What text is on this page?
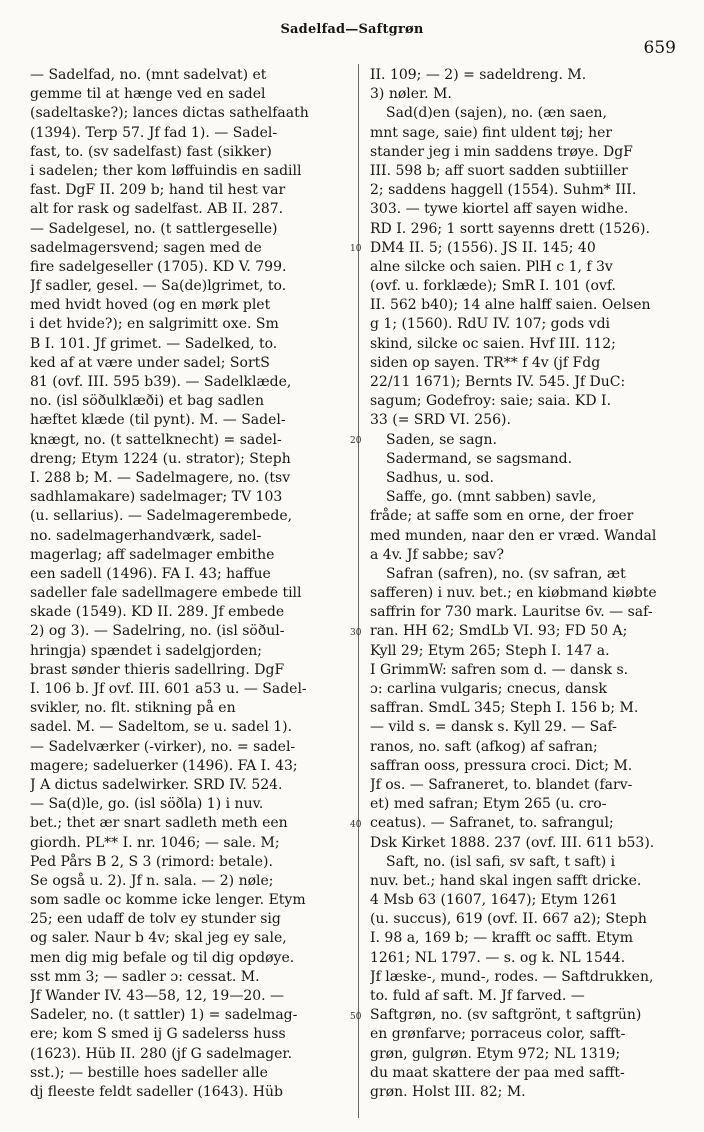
Sadelfad—Saftgrøn
659
— Sadelfad, no. (mnt sadelvat) et
gemme til at hænge ved en sadel
(sadeltaske?); lances dictas sathelfaath
(1394). Terp 57. Jf fad 1). — Sadel-
fast, to. (sv sadelfast) fast (sikker)
i sadelen; ther kom løffuindis en sadill
fast. DgF II. 209 b; hand til hest var
alt for rask og sadelfast. AB II. 287.
— Sadelgesel, no. (t sattlergeselle)
sadelmagersvend; sagen med de
fire sadelgeseller (1705). KD V. 799.
Jf sadler, gesel. — Sa(de)lgrimet, to.
med hvidt hoved (og en mørk plet
i det hvide?); en salgrimitt oxe. Sm
B I. 101. Jf grimet. — Sadelked, to.
ked af at være under sadel; SortS
81 (ovf. III. 595 b39). — Sadelklæde,
no. (isl söðulklæði) et bag sadlen
hæftet klæde (til pynt). M. — Sadel-
knægt, no. (t sattelknecht) = sadel-
dreng; Etym 1224 (u. strator); Steph
I. 288 b; M. — Sadelmagere, no. (tsv
sadhlamakare) sadelmager; TV 103
(u. sellarius). — Sadelmagerembede,
no. sadelmagerhandværk, sadel-
magerlag; aff sadelmager embithe
een sadell (1496). FA I. 43; haffue
sadeller fale sadellmagere embede till
skade (1549). KD II. 289. Jf embede
2) og 3). — Sadelring, no. (isl söðul-
hringja) spændet i sadelgjorden;
brast sønder thieris sadellring. DgF
I. 106 b. Jf ovf. III. 601 a53 u. — Sadel-
svikler, no. flt. stikning på en
sadel. M. — Sadeltom, se u. sadel 1).
— Sadelværker (-virker), no. = sadel-
magere; sadeluerker (1496). FA I. 43;
J A dictus sadelwirker. SRD IV. 524.
— Sa(d)le, go. (isl söðla) 1) i nuv.
bet.; thet ær snart sadleth meth een
giordh. PL** I. nr. 1046; — sale. M;
Ped Pårs B 2, S 3 (rimord: betale).
Se også u. 2). Jf n. sala. — 2) nøle;
som sadle oc komme icke lenger. Etym
25; een udaff de tolv ey stunder sig
og saler. Naur b 4v; skal jeg ey sale,
men dig mig befale og til dig opdøye.
sst mm 3; — sadler ɔ: cessat. M.
Jf Wander IV. 43—58, 12, 19—20. —
Sadeler, no. (t sattler) 1) = sadelmag-
ere; kom S smed ij G sadelerss huss
(1623). Hüb II. 280 (jf G sadelmager.
sst.); — bestille hoes sadeller alle
dj fleeste feldt sadeller (1643). Hüb
II. 109; — 2) = sadeldreng. M.
3) nøler. M.
Sad(d)en (sajen), no. (æn saen,
mnt sage, saie) fint uldent tøj; her
stander jeg i min saddens trøye. DgF
III. 598 b; aff suort sadden subtiiller
2; saddens haggell (1554). Suhm* III.
303. — tywe kiortel aff sayen widhe.
RD I. 296; 1 sortt sayenns drett (1526).
DM4 II. 5; (1556). JS II. 145; 40
alne silcke och saien. PlH c 1, f 3v
(ovf. u. forklæde); SmR I. 101 (ovf.
II. 562 b40); 14 alne halff saien. Oelsen
g 1; (1560). RdU IV. 107; gods vdi
skind, silcke oc saien. Hvf III. 112;
siden op sayen. TR** f 4v (jf Fdg
22/11 1671); Bernts IV. 545. Jf DuC:
sagum; Godefroy: saie; saia. KD I.
33 (= SRD VI. 256).
Saden, se sagn.
Sadermand, se sagsmand.
Sadhus, u. sod.
Saffe, go. (mnt sabben) savle,
fråde; at saffe som en orne, der froer
med munden, naar den er vræd. Wandal
a 4v. Jf sabbe; sav?
Safran (safren), no. (sv safran, æt
safferen) i nuv. bet.; en kiøbmand kiøbte
saffrin for 730 mark. Lauritse 6v. — saf-
ran. HH 62; SmdLb VI. 93; FD 50 A;
Kyll 29; Etym 265; Steph I. 147 a.
I GrimmW: safren som d. — dansk s.
ɔ: carlina vulgaris; cnecus, dansk
saffran. SmdL 345; Steph I. 156 b; M.
— vild s. = dansk s. Kyll 29. — Saf-
ranos, no. saft (afkog) af safran;
saffran ooss, pressura croci. Dict; M.
Jf os. — Safraneret, to. blandet (farv-
et) med safran; Etym 265 (u. cro-
ceatus). — Safranet, to. safrangul;
Dsk Kirket 1888. 237 (ovf. III. 611 b53).
Saft, no. (isl safi, sv saft, t saft) i
nuv. bet.; hand skal ingen safft dricke.
4 Msb 63 (1607, 1647); Etym 1261
(u. succus), 619 (ovf. II. 667 a2); Steph
I. 98 a, 169 b; — krafft oc safft. Etym
1261; NL 1797. — s. og k. NL 1544.
Jf læske-, mund-, rodes. — Saftdrukken,
to. fuld af saft. M. Jf farved. —
Saftgrøn, no. (sv saftgrönt, t saftgrün)
en grønfarve; porraceus color, safft-
grøn, gulgrøn. Etym 972; NL 1319;
du maat skattere der paa med safft-
grøn. Holst III. 82; M.
10
20
30
40
50
